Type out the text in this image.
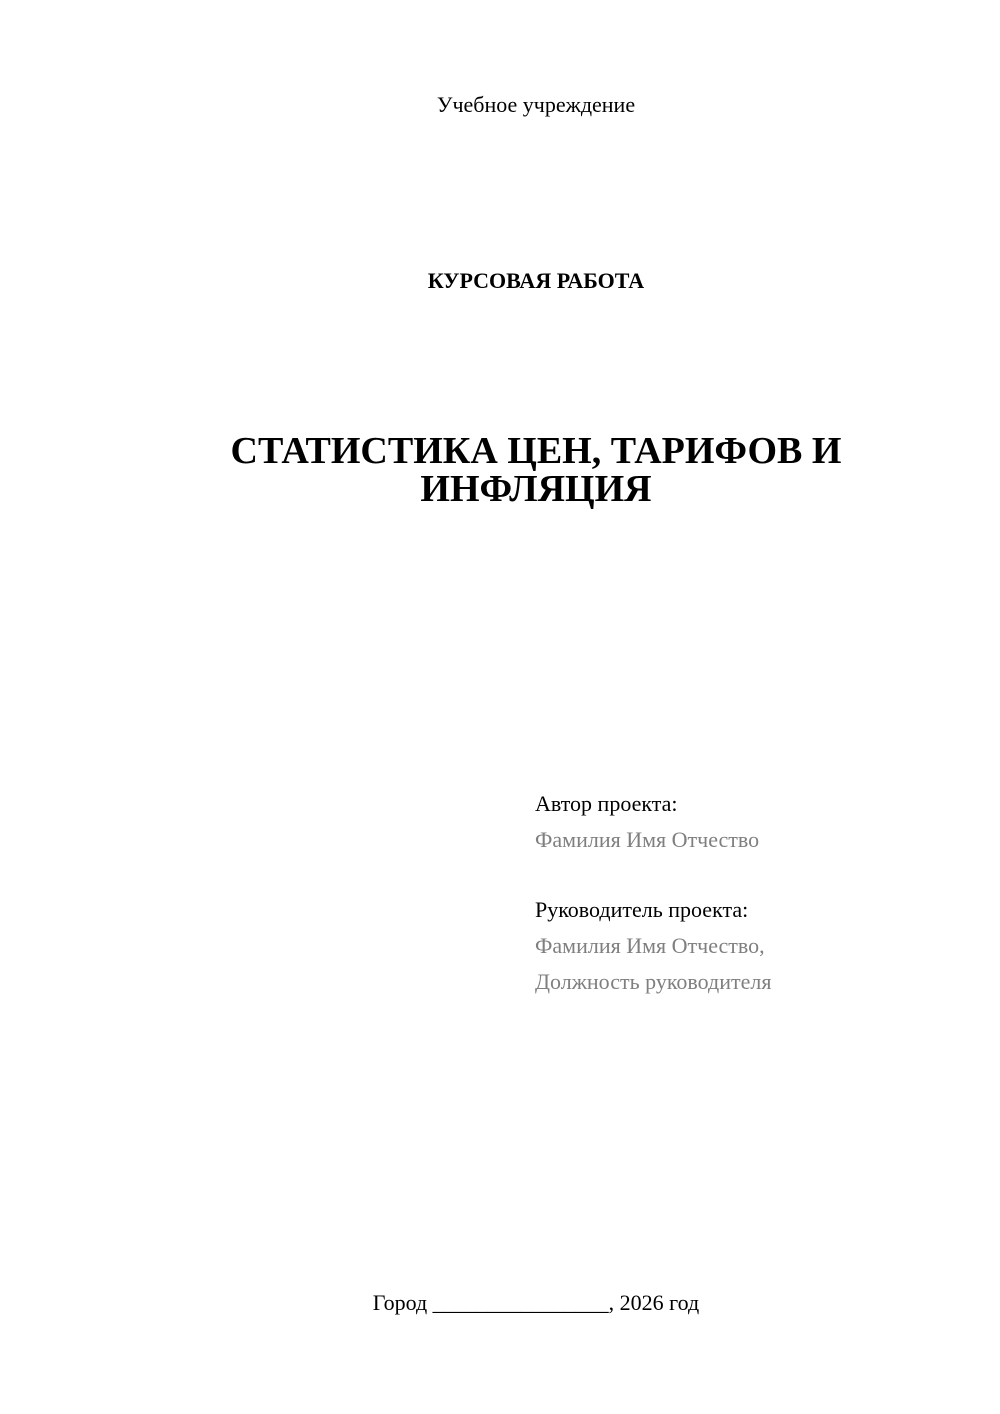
Учебное учреждение
КУРСОВАЯ РАБОТА
СТАТИСТИКА ЦЕН, ТАРИФОВ И
ИНФЛЯЦИЯ
Автор проекта:
Фамилия Имя Отчество
Руководитель проекта:
Фамилия Имя Отчество,
Должность руководителя
Город ________________, 2026 год
